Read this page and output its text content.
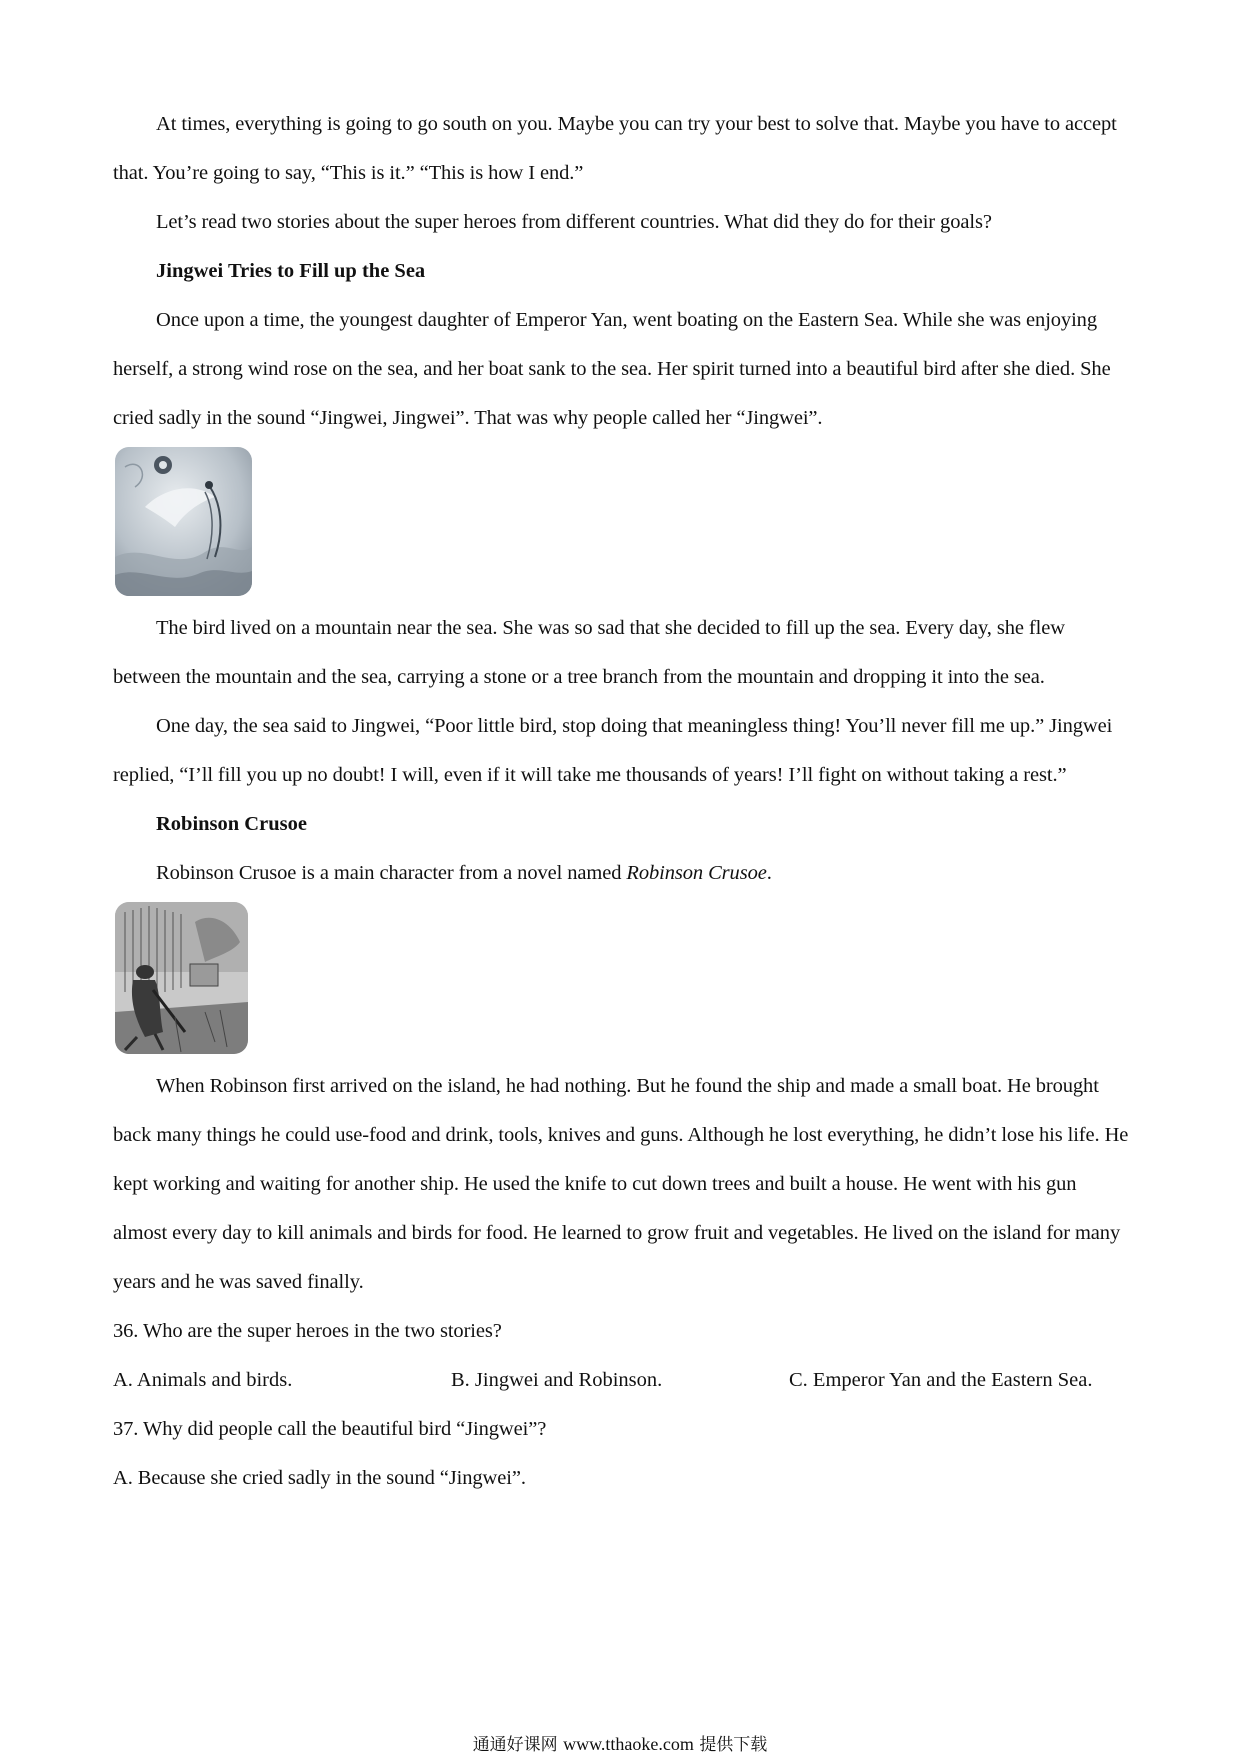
At times, everything is going to go south on you. Maybe you can try your best to solve that. Maybe you have to accept that. You’re going to say, “This is it.” “This is how I end.”

Let’s read two stories about the super heroes from different countries. What did they do for their goals?

Jingwei Tries to Fill up the Sea

Once upon a time, the youngest daughter of Emperor Yan, went boating on the Eastern Sea. While she was enjoying herself, a strong wind rose on the sea, and her boat sank to the sea. Her spirit turned into a beautiful bird after she died. She cried sadly in the sound “Jingwei, Jingwei”. That was why people called her “Jingwei”.

The bird lived on a mountain near the sea. She was so sad that she decided to fill up the sea. Every day, she flew between the mountain and the sea, carrying a stone or a tree branch from the mountain and dropping it into the sea.

One day, the sea said to Jingwei, “Poor little bird, stop doing that meaningless thing! You’ll never fill me up.” Jingwei replied, “I’ll fill you up no doubt! I will, even if it will take me thousands of years! I’ll fight on without taking a rest.”

Robinson Crusoe

Robinson Crusoe is a main character from a novel named Robinson Crusoe.

When Robinson first arrived on the island, he had nothing. But he found the ship and made a small boat. He brought back many things he could use-food and drink, tools, knives and guns. Although he lost everything, he didn’t lose his life. He kept working and waiting for another ship. He used the knife to cut down trees and built a house. He went with his gun almost every day to kill animals and birds for food. He learned to grow fruit and vegetables. He lived on the island for many years and he was saved finally.

36. Who are the super heroes in the two stories?

A. Animals and birds.	B. Jingwei and Robinson.	C. Emperor Yan and the Eastern Sea.

37. Why did people call the beautiful bird “Jingwei”?

A. Because she cried sadly in the sound “Jingwei”.

通通好课网 www.tthaoke.com 提供下载
